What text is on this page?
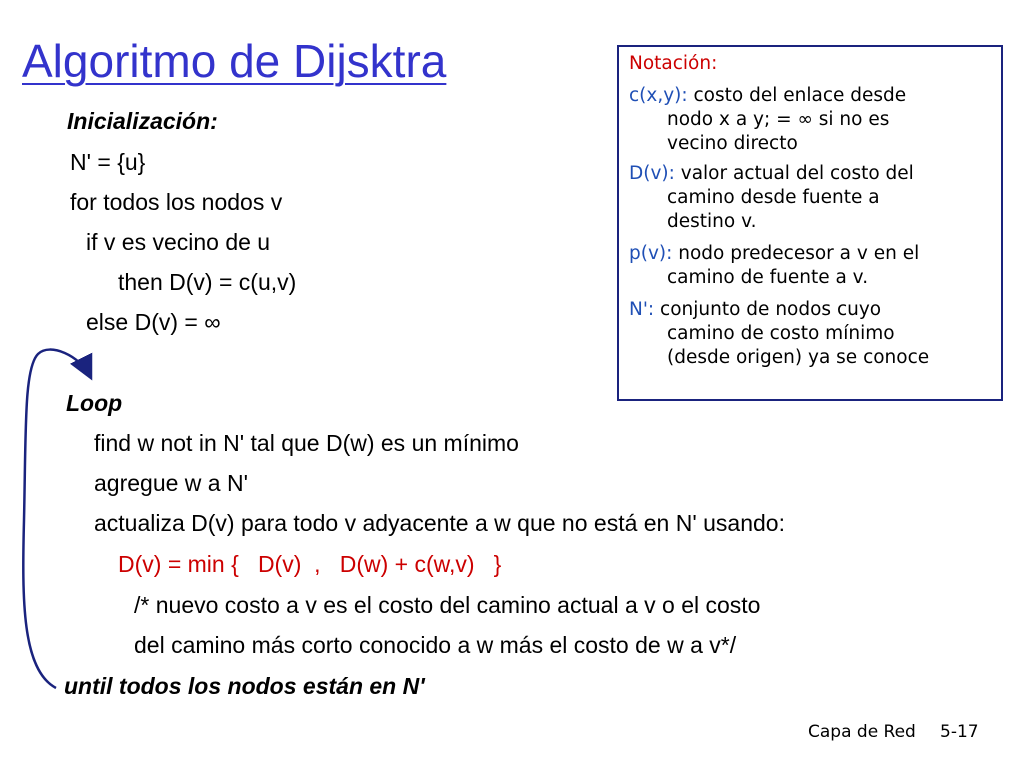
Algoritmo de Dijsktra
Inicialización:
N' = {u}
for todos los nodos v
if v es vecino de u
then D(v) = c(u,v)
else D(v) = ∞
Loop
find w not in N' tal que D(w) es un mínimo
agregue w a N'
actualiza D(v) para todo v adyacente a w que no está en N' usando:
D(v) = min {   D(v)  ,   D(w) + c(w,v)   }
/* nuevo costo a v es el costo del camino actual a v o el costo
del camino más corto conocido a w más el costo de w a v*/
until todos los nodos están en N'
Notación:
c(x,y): costo del enlace desde
nodo x a y; = ∞ si no es
vecino directo
D(v): valor actual del costo del
camino desde fuente a
destino v.
p(v): nodo predecesor a v en el
camino de fuente a v.
N': conjunto de nodos cuyo
camino de costo mínimo
(desde origen) ya se conoce
Capa de Red 5-17
